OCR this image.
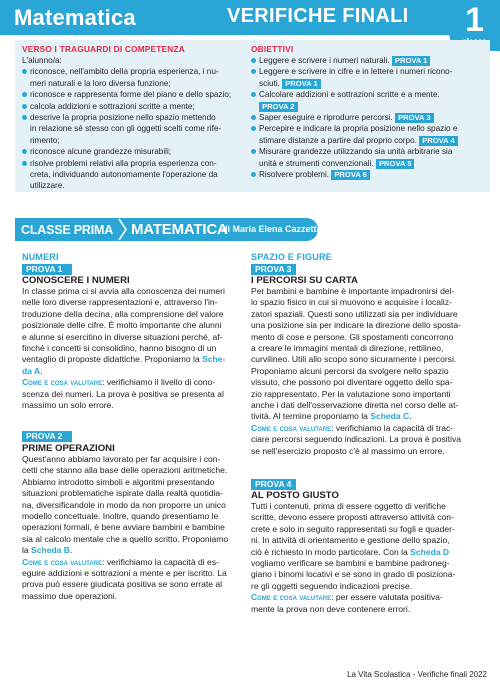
Matematica	VERIFICHE FINALI	1
VERSO I TRAGUARDI DI COMPETENZA
L'alunno/a:
riconosce, nell'ambito della propria esperienza, i nu-
meri naturali e la loro diversa funzione;
riconosce e rappresenta forme del piano e dello spazio;
calcola addizioni e sottrazioni scritte a mente;
descrive la propria posizione nello spazio mettendo
in relazione sé stesso con gli oggetti scelti come rife-
rimento;
riconosce alcune grandezze misurabili;
risolve problemi relativi alla propria esperienza con-
creta, individuando autonomamente l'operazione da
utilizzare.
OBIETTIVI
Leggere e scrivere i numeri naturali. PROVA 1
Leggere e scrivere in cifre e in lettere i numeri ricono-
sciuti. PROVA 1
Calcolare addizioni e sottrazioni scritte e a mente.
PROVA 2
Saper eseguire e riprodurre percorsi. PROVA 3
Percepire e indicare la propria posizione nello spazio e
stimare distanze a partire dal proprio corpo. PROVA 4
Misurare grandezze utilizzando sia unità arbitrarie sia
unità e strumenti convenzionali. PROVA 5
Risolvere problemi. PROVA 6
CLASSE PRIMA MATEMATICA
di Maria Elena Cazzetta
NUMERI
PROVA 1
CONOSCERE I NUMERI
In classe prima ci si avvia alla conoscenza dei numeri
nelle loro diverse rappresentazioni e, attraverso l'in-
troduzione della decina, alla comprensione del valore
posizionale delle cifre. È molto importante che alunni
e alunne si esercitino in diverse situazioni perché, af-
finché i concetti si consolidino, hanno bisogno di un
ventaglio di proposte didattiche. Proponiamo la Sche-
da A.
Come e cosa valutare: verifichiamo il livello di cono-
scenza dei numeri. La prova è positiva se presenta al
massimo un solo errore.
PROVA 2
PRIME OPERAZIONI
Quest'anno abbiamo lavorato per far acquisire i con-
cetti che stanno alla base delle operazioni aritmetiche.
Abbiamo introdotto simboli e algoritmi presentando
situazioni problematiche ispirate dalla realtà quotidia-
na, diversificandole in modo da non proporre un unico
modello concettuale. Inoltre, quando presentiamo le
operazioni formali, è bene avviare bambini e bambine
sia al calcolo mentale che a quello scritto. Proponiamo
la Scheda B.
Come e cosa valutare: verifichiamo la capacità di es-
eguire addizioni e sottrazioni a mente e per iscritto. La
prova può essere giudicata positiva se sono errate al
massimo due operazioni.
SPAZIO E FIGURE
PROVA 3
I PERCORSI SU CARTA
Per bambini e bambine è importante impadronirsi del-
lo spazio fisico in cui si muovono e acquisire i localiz-
zatori spaziali. Questi sono utilizzati sia per individuare
una posizione sia per indicare la direzione dello sposta-
mento di cose e persone. Gli spostamenti concorrono
a creare le immagini mentali di direzione, rettilineo,
curvilineo. Utili allo scopo sono sicuramente i percorsi.
Proponiamo alcuni percorsi da svolgere nello spazio
vissuto, che possono poi diventare oggetto dello spa-
zio rappresentato. Per la valutazione sono importanti
anche i dati dell'osservazione diretta nel corso delle at-
tività. Al termine proponiamo la Scheda C.
Come e cosa valutare: verifichiamo la capacità di trac-
ciare percorsi seguendo indicazioni. La prova è positiva
se nell'esercizio proposto c'è al massimo un errore.
PROVA 4
AL POSTO GIUSTO
Tutti i contenuti, prima di essere oggetto di verifiche
scritte, devono essere proposti attraverso attività con-
crete e solo in seguito rappresentati su fogli e quader-
ni. In attività di orientamento e gestione dello spazio,
ciò è richiesto in modo particolare. Con la Scheda D
vogliamo verificare se bambini e bambine padroneg-
giano i binomi locativi e se sono in grado di posiziona-
re gli oggetti seguendo indicazioni precise.
Come e cosa valutare: per essere valutata positiva-
mente la prova non deve contenere errori.
La Vita Scolastica - Verifiche finali 2022
